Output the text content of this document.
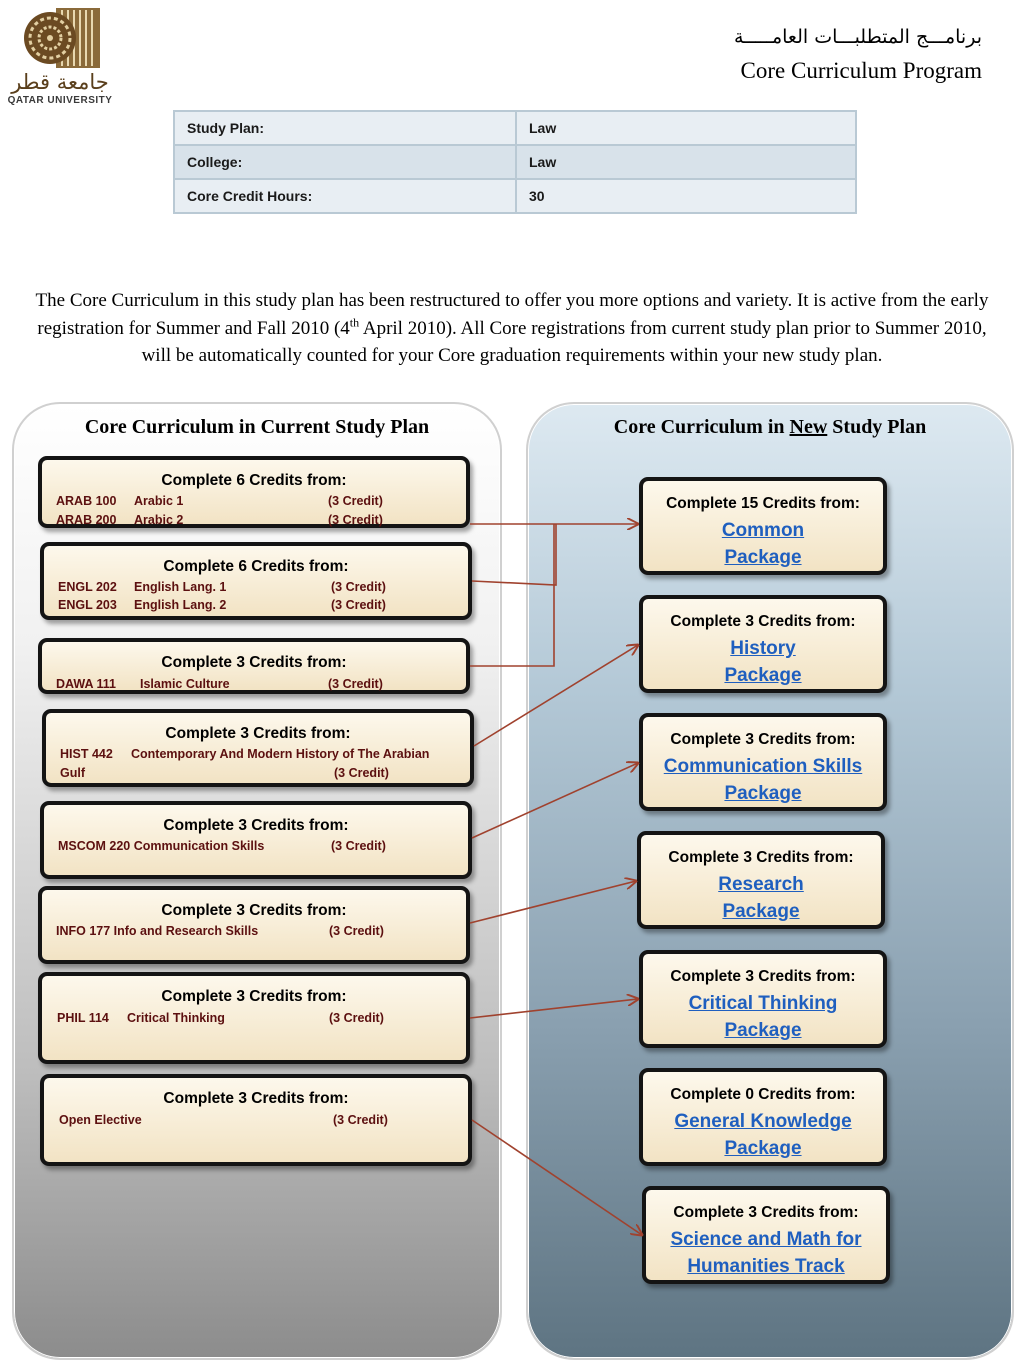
جامعة قطر
QATAR UNIVERSITY
برنامـــج المتطلبـــات العامـــــة
Core Curriculum Program
Study Plan:	Law
College:	Law
Core Credit Hours:	30
The Core Curriculum in this study plan has been restructured to offer you more options and variety. It is active from the early registration for Summer and Fall 2010 (4th April 2010). All Core registrations from current study plan prior to Summer 2010, will be automatically counted for your Core graduation requirements within your new study plan.
Core Curriculum in Current Study Plan	Core Curriculum in New Study Plan
Complete 6 Credits from:
ARAB 100 Arabic 1	(3 Credit)
ARAB 200 Arabic 2	(3 Credit)
Complete 6 Credits from:
ENGL 202 English Lang. 1	(3 Credit)
ENGL 203 English Lang. 2	(3 Credit)
Complete 3 Credits from:
DAWA 111 Islamic Culture	(3 Credit)
Complete 3 Credits from:
HIST 442 Contemporary And Modern History of The Arabian
Gulf	(3 Credit)
Complete 3 Credits from:
MSCOM 220 Communication Skills	(3 Credit)
Complete 3 Credits from:
INFO 177 Info and Research Skills	(3 Credit)
Complete 3 Credits from:
PHIL 114 Critical Thinking	(3 Credit)
Complete 3 Credits from:
Open Elective	(3 Credit)
Complete 15 Credits from:
Common
Package
Complete 3 Credits from:
History
Package
Complete 3 Credits from:
Communication Skills
Package
Complete 3 Credits from:
Research
Package
Complete 3 Credits from:
Critical Thinking
Package
Complete 0 Credits from:
General Knowledge
Package
Complete 3 Credits from:
Science and Math for
Humanities Track
